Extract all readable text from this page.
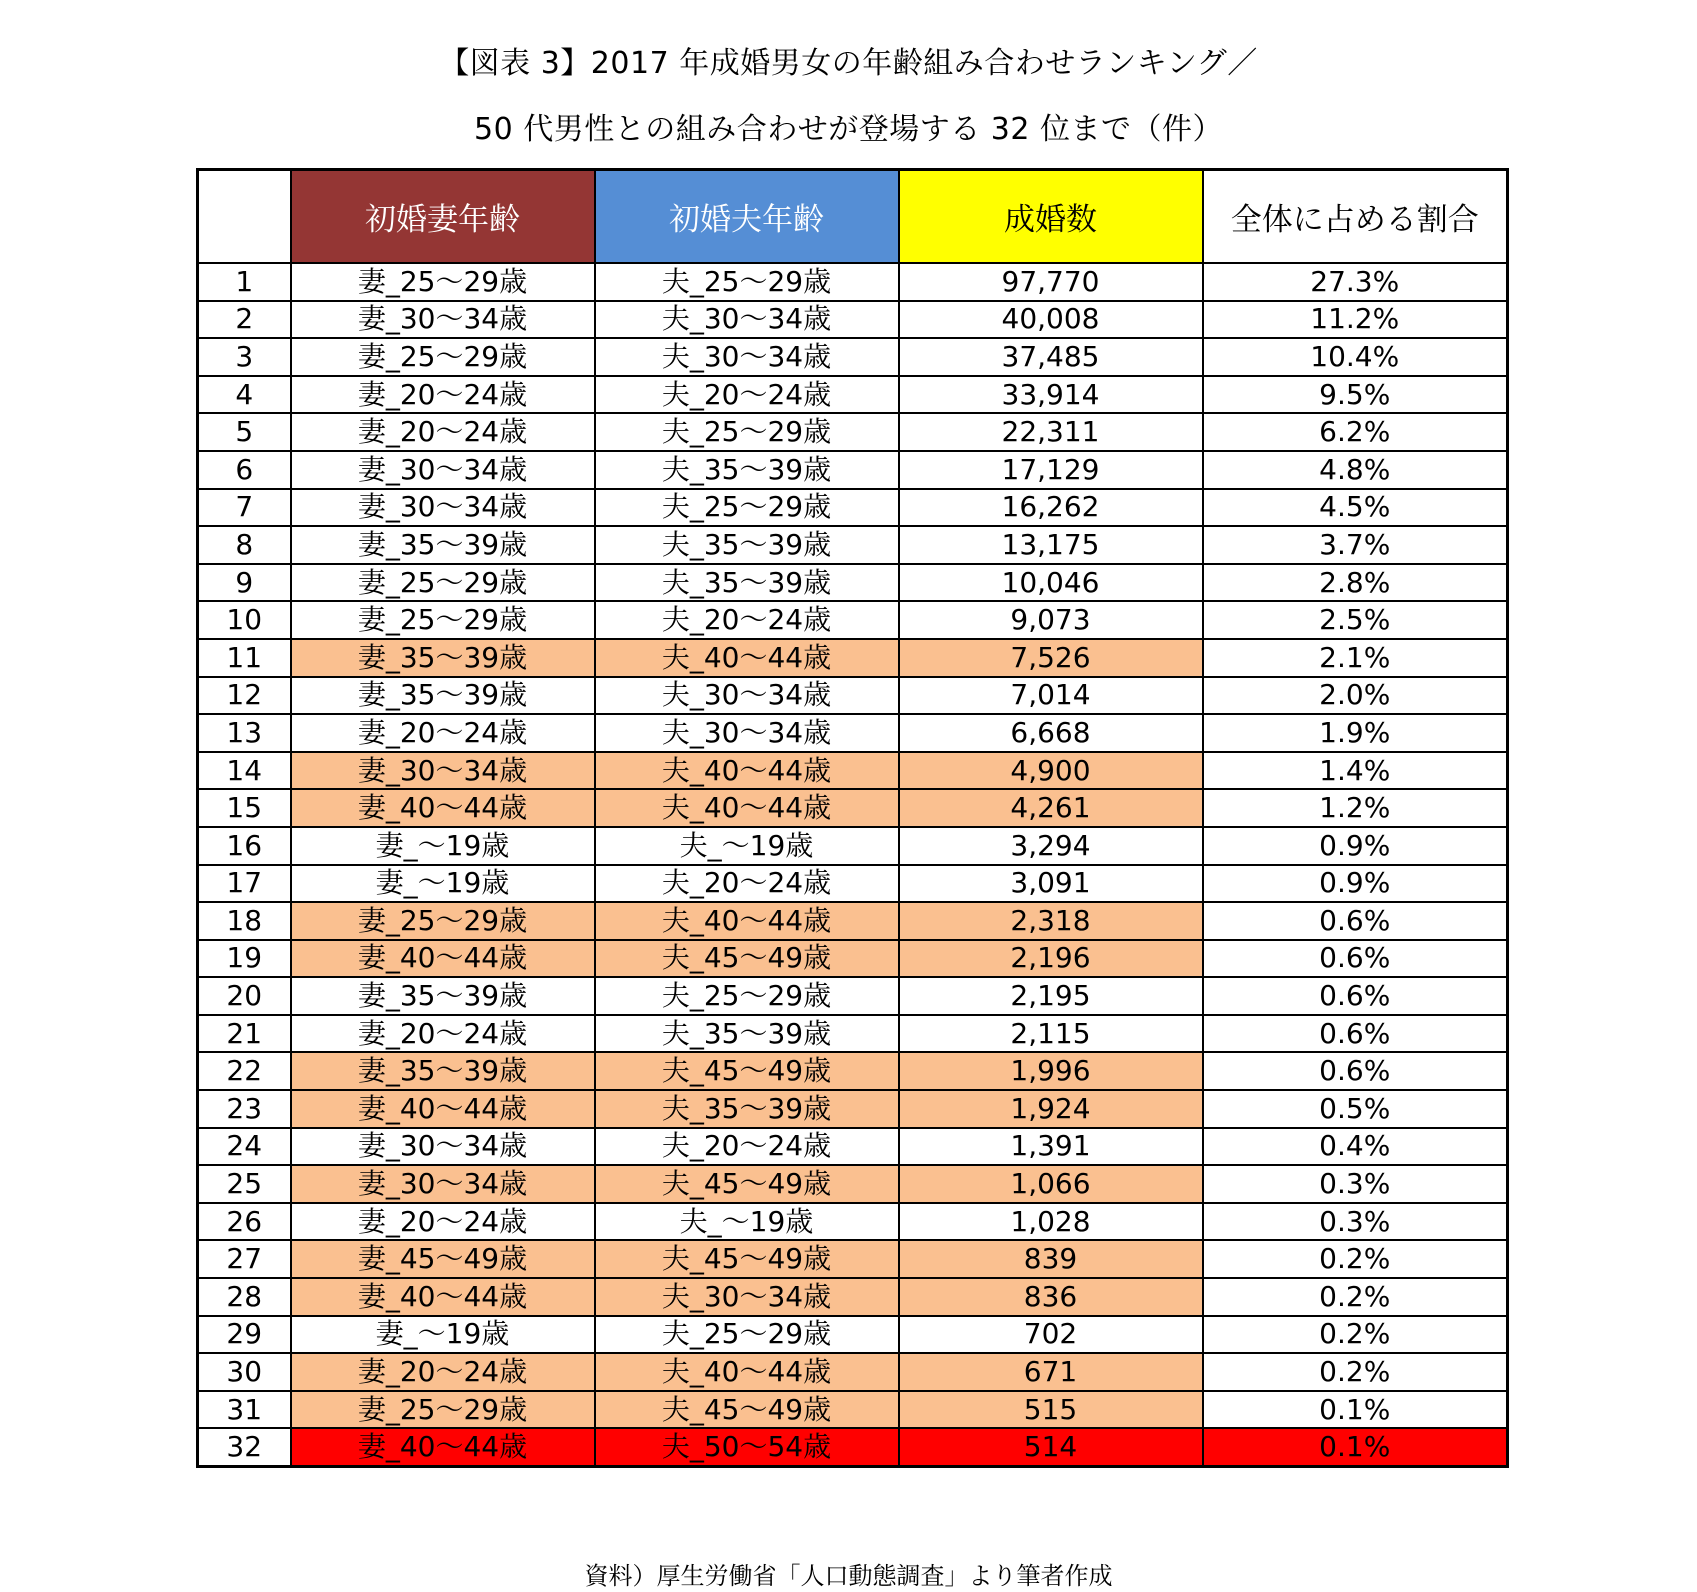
【図表 3】2017 年成婚男女の年齢組み合わせランキング／
50 代男性との組み合わせが登場する 32 位まで（件）
	初婚妻年齢	初婚夫年齢	成婚数	全体に占める割合
1	妻_25～29歳	夫_25～29歳	97,770	27.3%
2	妻_30～34歳	夫_30～34歳	40,008	11.2%
3	妻_25～29歳	夫_30～34歳	37,485	10.4%
4	妻_20～24歳	夫_20～24歳	33,914	9.5%
5	妻_20～24歳	夫_25～29歳	22,311	6.2%
6	妻_30～34歳	夫_35～39歳	17,129	4.8%
7	妻_30～34歳	夫_25～29歳	16,262	4.5%
8	妻_35～39歳	夫_35～39歳	13,175	3.7%
9	妻_25～29歳	夫_35～39歳	10,046	2.8%
10	妻_25～29歳	夫_20～24歳	9,073	2.5%
11	妻_35～39歳	夫_40～44歳	7,526	2.1%
12	妻_35～39歳	夫_30～34歳	7,014	2.0%
13	妻_20～24歳	夫_30～34歳	6,668	1.9%
14	妻_30～34歳	夫_40～44歳	4,900	1.4%
15	妻_40～44歳	夫_40～44歳	4,261	1.2%
16	妻_～19歳	夫_～19歳	3,294	0.9%
17	妻_～19歳	夫_20～24歳	3,091	0.9%
18	妻_25～29歳	夫_40～44歳	2,318	0.6%
19	妻_40～44歳	夫_45～49歳	2,196	0.6%
20	妻_35～39歳	夫_25～29歳	2,195	0.6%
21	妻_20～24歳	夫_35～39歳	2,115	0.6%
22	妻_35～39歳	夫_45～49歳	1,996	0.6%
23	妻_40～44歳	夫_35～39歳	1,924	0.5%
24	妻_30～34歳	夫_20～24歳	1,391	0.4%
25	妻_30～34歳	夫_45～49歳	1,066	0.3%
26	妻_20～24歳	夫_～19歳	1,028	0.3%
27	妻_45～49歳	夫_45～49歳	839	0.2%
28	妻_40～44歳	夫_30～34歳	836	0.2%
29	妻_～19歳	夫_25～29歳	702	0.2%
30	妻_20～24歳	夫_40～44歳	671	0.2%
31	妻_25～29歳	夫_45～49歳	515	0.1%
32	妻_40～44歳	夫_50～54歳	514	0.1%
資料）厚生労働省「人口動態調査」より筆者作成
